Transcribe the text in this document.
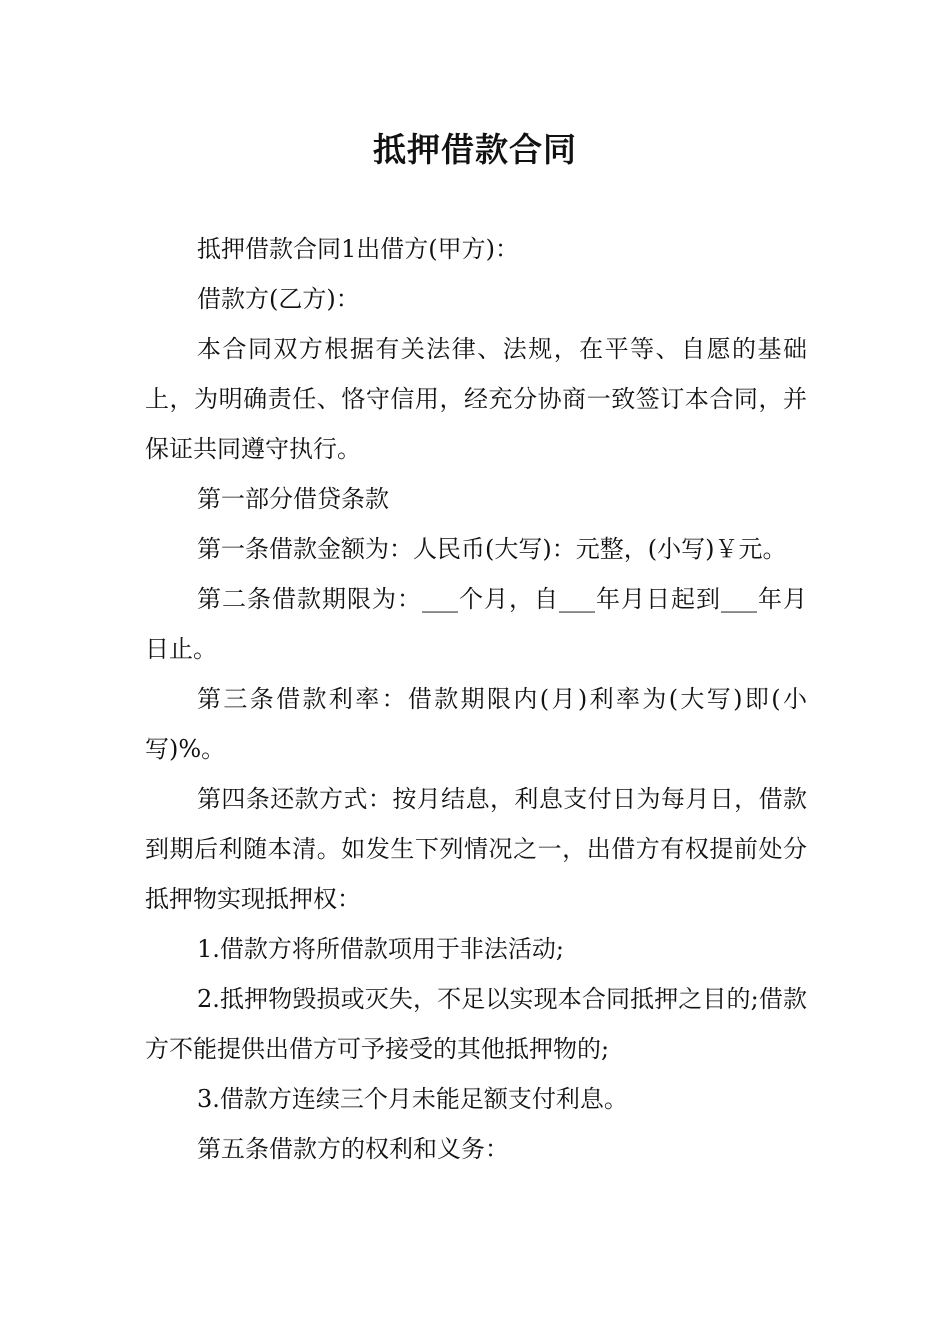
抵押借款合同

抵押借款合同1出借方(甲方)：

借款方(乙方)：

本合同双方根据有关法律、法规，在平等、自愿的基础上，为明确责任、恪守信用，经充分协商一致签订本合同，并保证共同遵守执行。

第一部分借贷条款

第一条借款金额为：人民币(大写)：元整，(小写)￥元。

第二条借款期限为：___个月，自___年月日起到___年月日止。

第三条借款利率：借款期限内(月)利率为(大写)即(小写)%。

第四条还款方式：按月结息，利息支付日为每月日，借款到期后利随本清。如发生下列情况之一，出借方有权提前处分抵押物实现抵押权：

1.借款方将所借款项用于非法活动;

2.抵押物毁损或灭失，不足以实现本合同抵押之目的;借款方不能提供出借方可予接受的其他抵押物的;

3.借款方连续三个月未能足额支付利息。

第五条借款方的权利和义务：
